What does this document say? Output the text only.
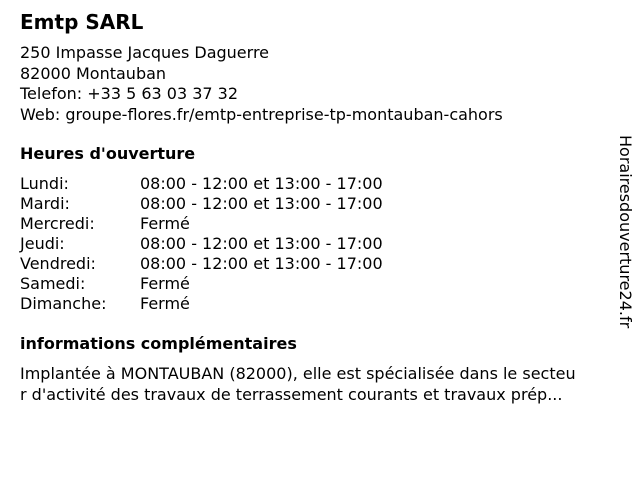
Emtp SARL
250 Impasse Jacques Daguerre
82000 Montauban
Telefon: +33 5 63 03 37 32
Web: groupe-flores.fr/emtp-entreprise-tp-montauban-cahors
Heures d'ouverture
Lundi:	08:00 - 12:00 et 13:00 - 17:00
Mardi:	08:00 - 12:00 et 13:00 - 17:00
Mercredi:	Fermé
Jeudi:	08:00 - 12:00 et 13:00 - 17:00
Vendredi:	08:00 - 12:00 et 13:00 - 17:00
Samedi:	Fermé
Dimanche:	Fermé
informations complémentaires
Implantée à MONTAUBAN (82000), elle est spécialisée dans le secteu
r d'activité des travaux de terrassement courants et travaux prép...
Horairesdouverture24.fr
